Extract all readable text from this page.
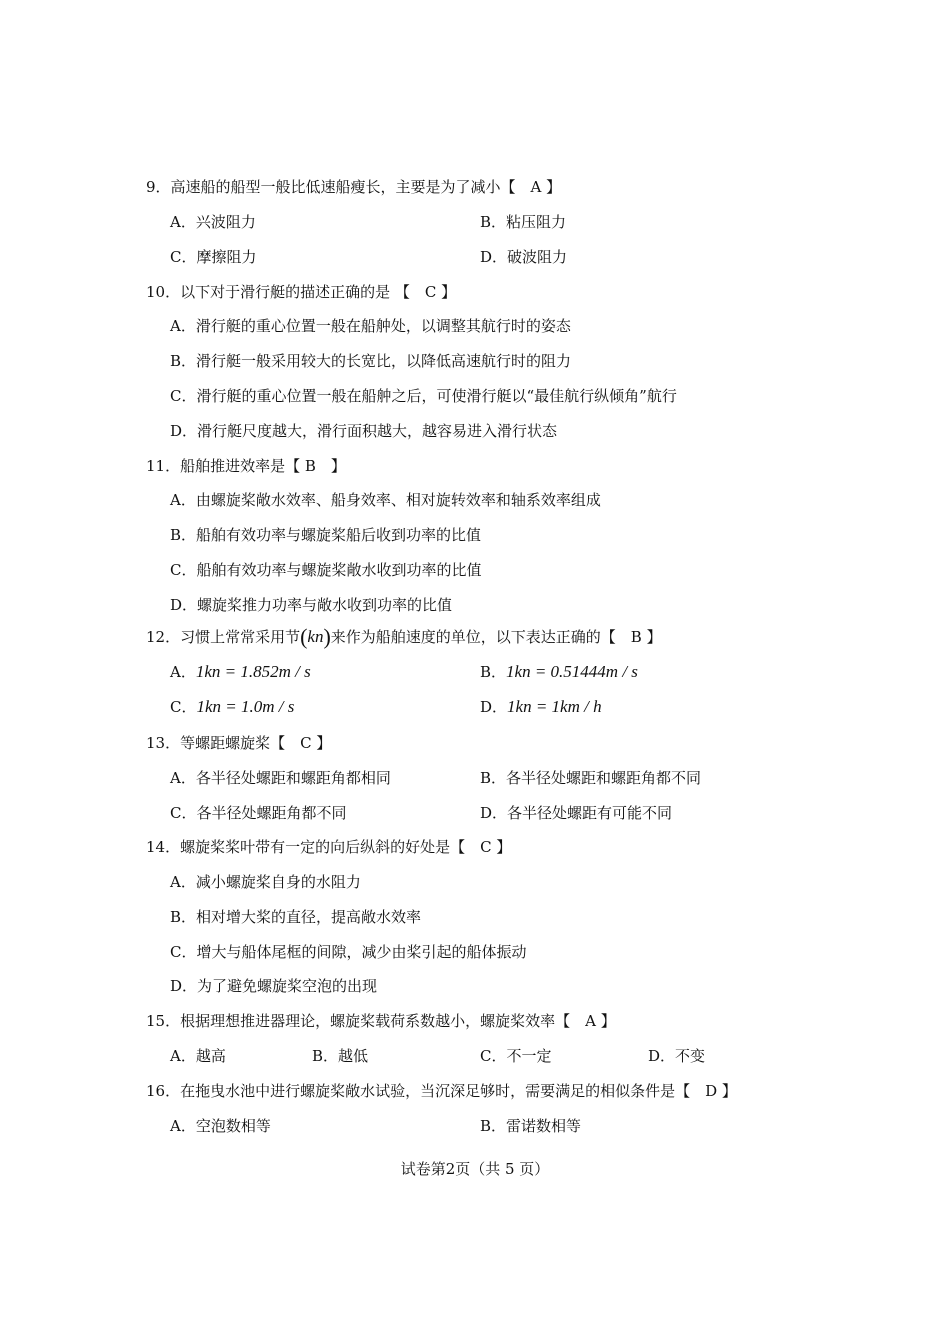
9．高速船的船型一般比低速船瘦长，主要是为了减小【　A 】
A．兴波阻力	B．粘压阻力
C．摩擦阻力	D．破波阻力
10．以下对于滑行艇的描述正确的是 【　C 】
A．滑行艇的重心位置一般在船舯处，以调整其航行时的姿态
B．滑行艇一般采用较大的长宽比，以降低高速航行时的阻力
C．滑行艇的重心位置一般在船舯之后，可使滑行艇以“最佳航行纵倾角”航行
D．滑行艇尺度越大，滑行面积越大，越容易进入滑行状态
11．船舶推进效率是【 B　】
A．由螺旋桨敞水效率、船身效率、相对旋转效率和轴系效率组成
B．船舶有效功率与螺旋桨船后收到功率的比值
C．船舶有效功率与螺旋桨敞水收到功率的比值
D．螺旋桨推力功率与敞水收到功率的比值
12．习惯上常常采用节(kn)来作为船舶速度的单位，以下表达正确的【　B 】
A．1kn = 1.852m / s	B．1kn = 0.51444m / s
C．1kn = 1.0m / s	D．1kn = 1km / h
13．等螺距螺旋桨【　C 】
A．各半径处螺距和螺距角都相同	B．各半径处螺距和螺距角都不同
C．各半径处螺距角都不同	D．各半径处螺距有可能不同
14．螺旋桨桨叶带有一定的向后纵斜的好处是【　C 】
A．减小螺旋桨自身的水阻力
B．相对增大桨的直径，提高敞水效率
C．增大与船体尾框的间隙，减少由桨引起的船体振动
D．为了避免螺旋桨空泡的出现
15．根据理想推进器理论，螺旋桨载荷系数越小，螺旋桨效率【　A 】
A．越高	B．越低	C．不一定	D．不变
16．在拖曳水池中进行螺旋桨敞水试验，当沉深足够时，需要满足的相似条件是【　D 】
A．空泡数相等	B．雷诺数相等
试卷第2页（共 5 页）
